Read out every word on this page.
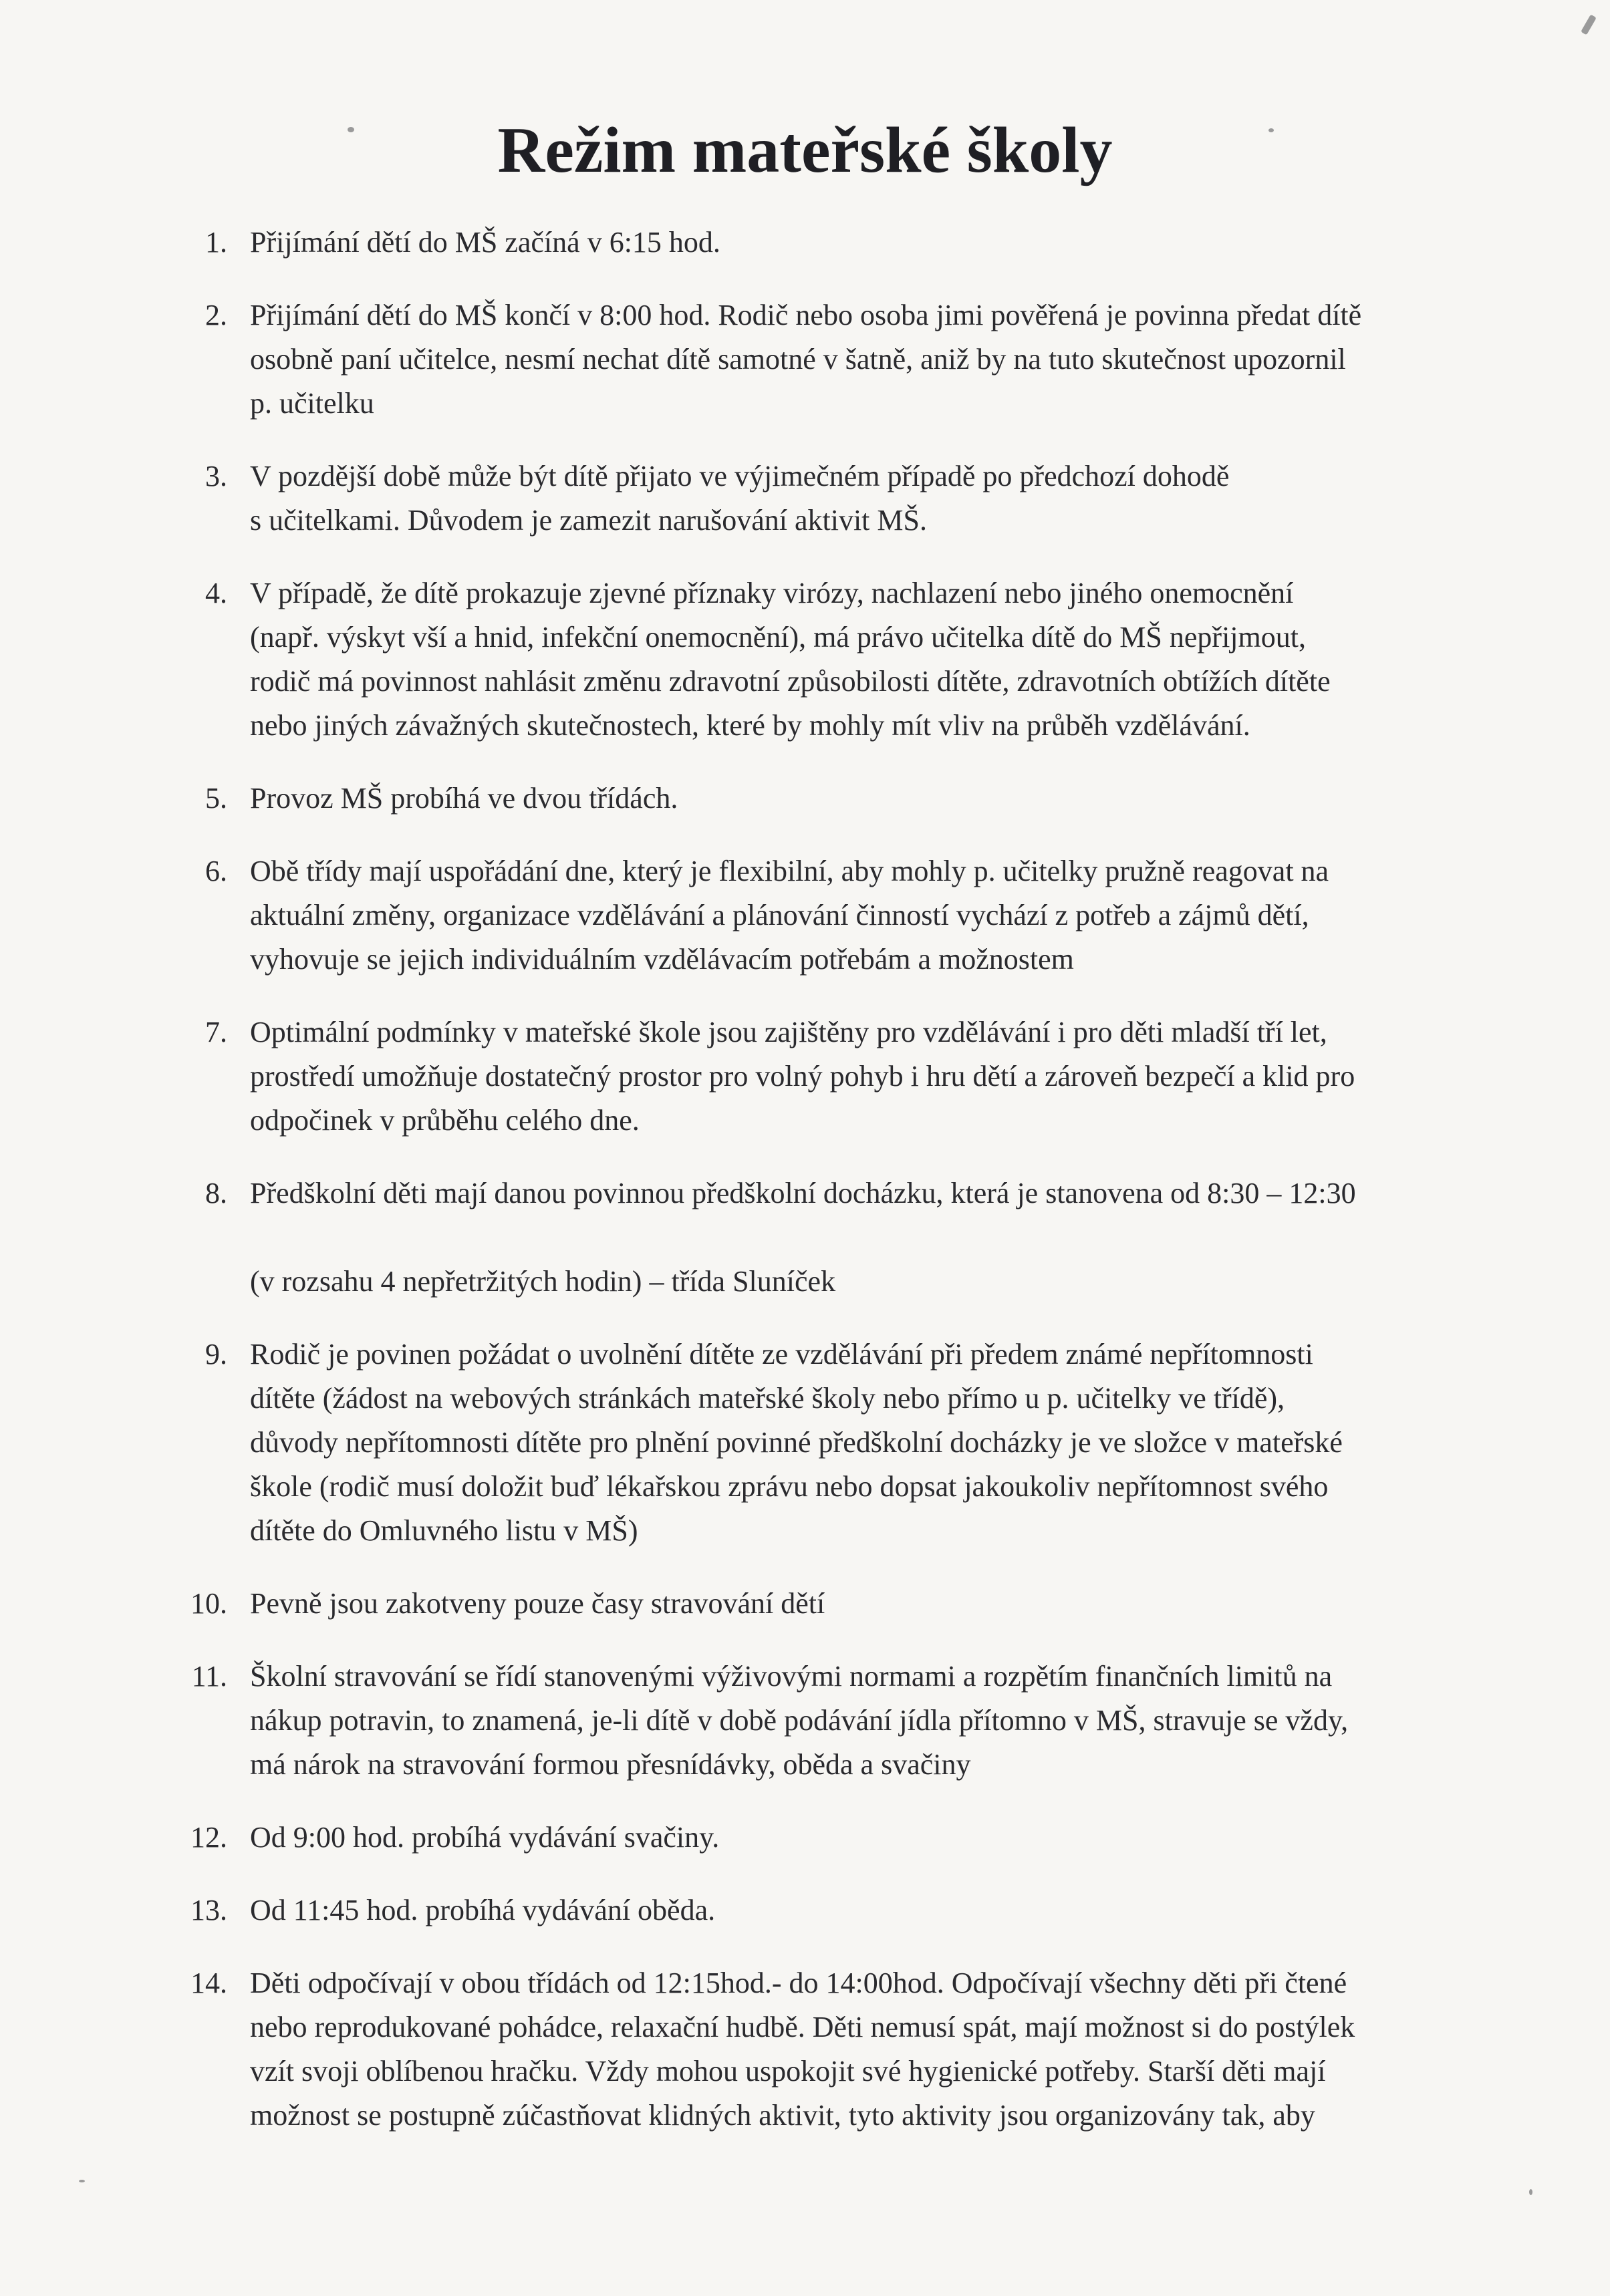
Režim mateřské školy
1. Přijímání dětí do MŠ začíná v 6:15 hod.
2. Přijímání dětí do MŠ končí v 8:00 hod. Rodič nebo osoba jimi pověřená je povinna předat dítě
osobně paní učitelce, nesmí nechat dítě samotné v šatně, aniž by na tuto skutečnost upozornil
p. učitelku
3. V pozdější době může být dítě přijato ve výjimečném případě po předchozí dohodě
s učitelkami. Důvodem je zamezit narušování aktivit MŠ.
4. V případě, že dítě prokazuje zjevné příznaky virózy, nachlazení nebo jiného onemocnění
(např. výskyt vší a hnid, infekční onemocnění), má právo učitelka dítě do MŠ nepřijmout,
rodič má povinnost nahlásit změnu zdravotní způsobilosti dítěte, zdravotních obtížích dítěte
nebo jiných závažných skutečnostech, které by mohly mít vliv na průběh vzdělávání.
5. Provoz MŠ probíhá ve dvou třídách.
6. Obě třídy mají uspořádání dne, který je flexibilní, aby mohly p. učitelky pružně reagovat na
aktuální změny, organizace vzdělávání a plánování činností vychází z potřeb a zájmů dětí,
vyhovuje se jejich individuálním vzdělávacím potřebám a možnostem
7. Optimální podmínky v mateřské škole jsou zajištěny pro vzdělávání i pro děti mladší tří let,
prostředí umožňuje dostatečný prostor pro volný pohyb i hru dětí a zároveň bezpečí a klid pro
odpočinek v průběhu celého dne.
8. Předškolní děti mají danou povinnou předškolní docházku, která je stanovena od 8:30 – 12:30
(v rozsahu 4 nepřetržitých hodin) – třída Sluníček
9. Rodič je povinen požádat o uvolnění dítěte ze vzdělávání při předem známé nepřítomnosti
dítěte (žádost na webových stránkách mateřské školy nebo přímo u p. učitelky ve třídě),
důvody nepřítomnosti dítěte pro plnění povinné předškolní docházky je ve složce v mateřské
škole (rodič musí doložit buď lékařskou zprávu nebo dopsat jakoukoliv nepřítomnost svého
dítěte do Omluvného listu v MŠ)
10. Pevně jsou zakotveny pouze časy stravování dětí
11. Školní stravování se řídí stanovenými výživovými normami a rozpětím finančních limitů na
nákup potravin, to znamená, je-li dítě v době podávání jídla přítomno v MŠ, stravuje se vždy,
má nárok na stravování formou přesnídávky, oběda a svačiny
12. Od 9:00 hod. probíhá vydávání svačiny.
13. Od 11:45 hod. probíhá vydávání oběda.
14. Děti odpočívají v obou třídách od 12:15hod.- do 14:00hod. Odpočívají všechny děti při čtené
nebo reprodukované pohádce, relaxační hudbě. Děti nemusí spát, mají možnost si do postýlek
vzít svoji oblíbenou hračku. Vždy mohou uspokojit své hygienické potřeby. Starší děti mají
možnost se postupně zúčastňovat klidných aktivit, tyto aktivity jsou organizovány tak, aby
